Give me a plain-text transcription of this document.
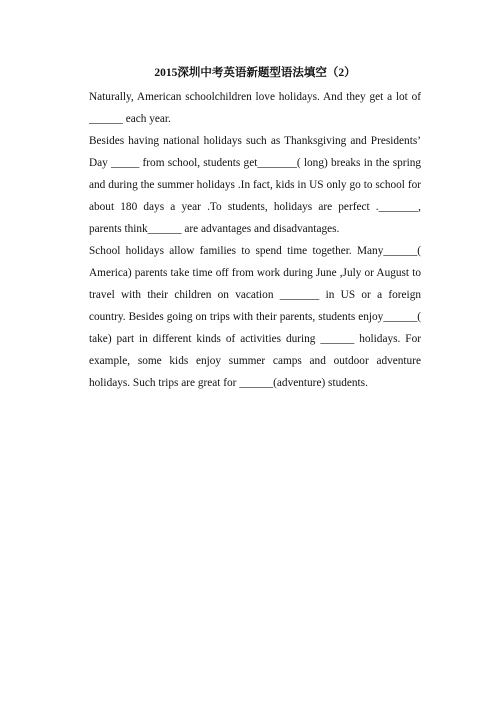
2015深圳中考英语新题型语法填空（2）

Naturally, American schoolchildren love holidays. And they get a lot of ______ each year.

Besides having national holidays such as Thanksgiving and Presidents’ Day _____ from school, students get_______( long) breaks in the spring and during the summer holidays .In fact, kids in US only go to school for about 180 days a year .To students, holidays are perfect ._______, parents think______ are advantages and disadvantages.

School holidays allow families to spend time together. Many______( America) parents take time off from work during June ,July or August to travel with their children on vacation _______ in US or a foreign country. Besides going on trips with their parents, students enjoy______( take) part in different kinds of activities during ______ holidays. For example, some kids enjoy summer camps and outdoor adventure holidays. Such trips are great for ______(adventure) students.
